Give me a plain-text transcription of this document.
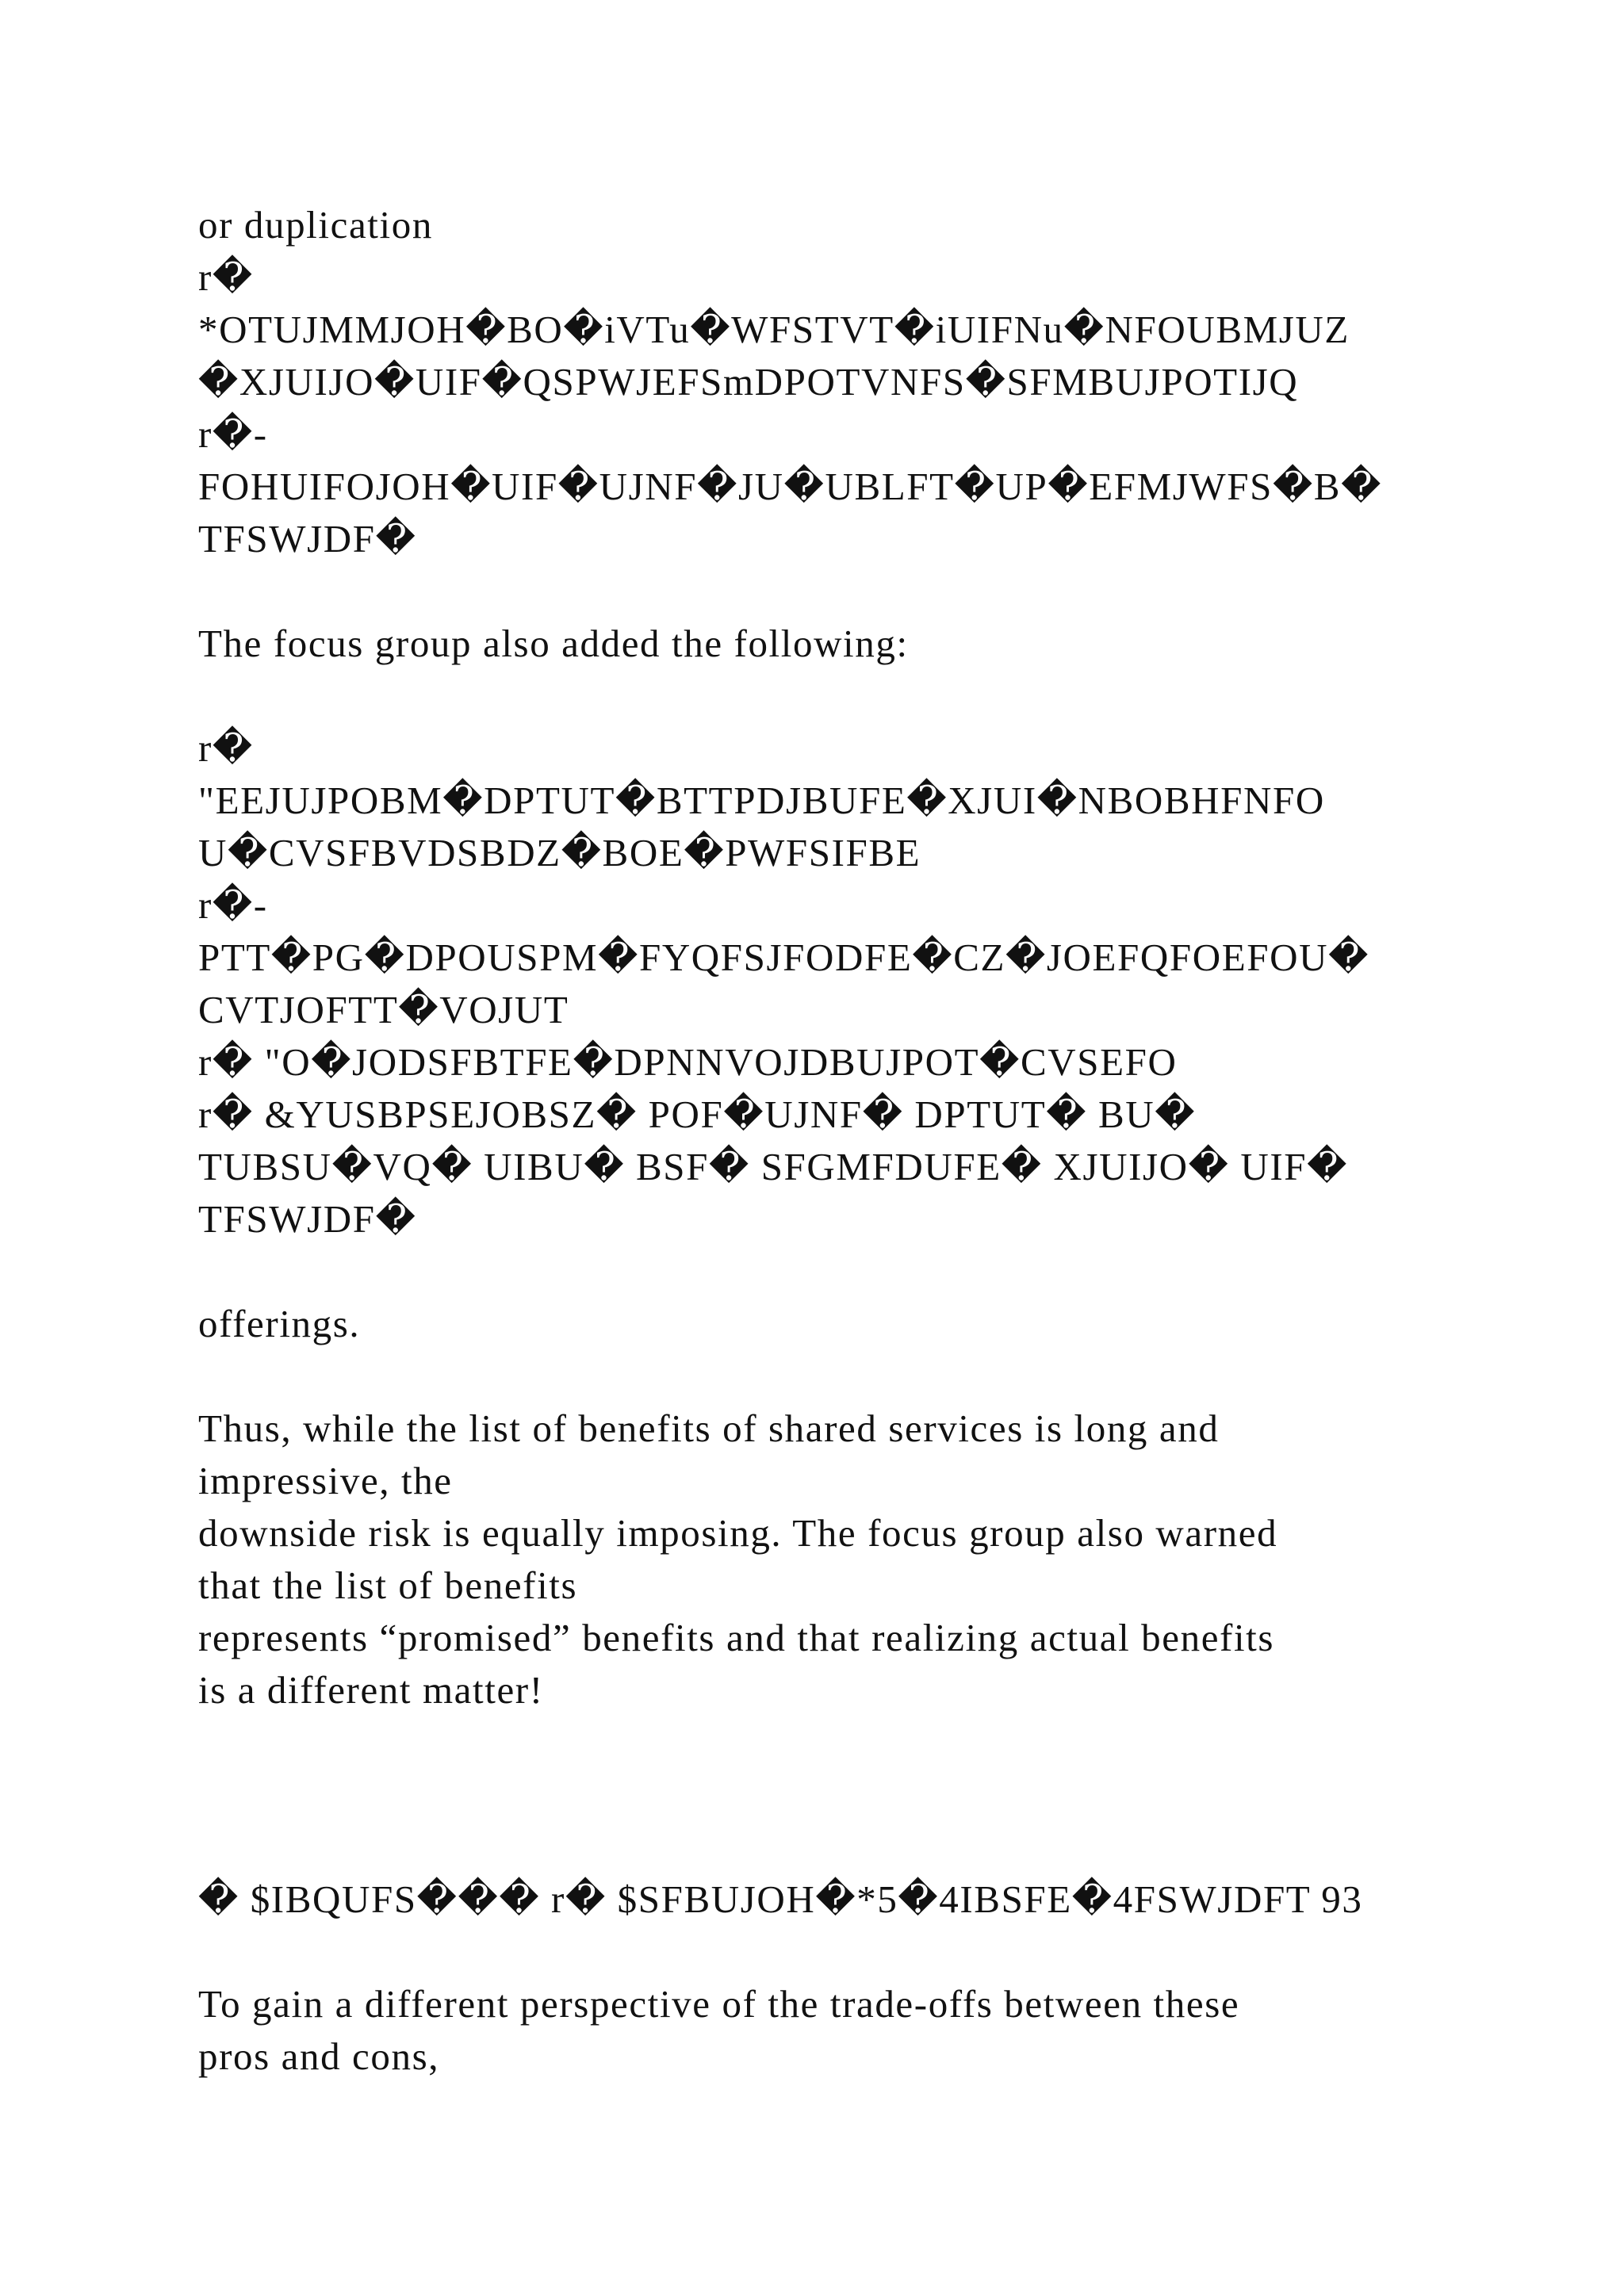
or duplication

r�

*OTUJMMJOH�BO�iVTu�WFSTVT�iUIFNu�NFOUBMJUZ

�XJUIJO�UIF�QSPWJEFSmDPOTVNFS�SFMBUJPOTIJQ

r�-

FOHUIFOJOH�UIF�UJNF�JU�UBLFT�UP�EFMJWFS�B�

TFSWJDF�

The focus group also added the following:

r�

"EEJUJPOBM�DPTUT�BTTPDJBUFE�XJUI�NBOBHFNFO

U�CVSFBVDSBDZ�BOE�PWFSIFBE

r�-

PTT�PG�DPOUSPM�FYQFSJFODFE�CZ�JOEFQFOEFOU�

CVTJOFTT�VOJUT

r� "O�JODSFBTFE�DPNNVOJDBUJPOT�CVSEFO

r� &YUSBPSEJOBSZ� POF�UJNF� DPTUT� BU�

TUBSU�VQ� UIBU� BSF� SFGMFDUFE� XJUIJO� UIF�

TFSWJDF�

offerings.

Thus, while the list of benefits of shared services is long and

impressive, the

downside risk is equally imposing. The focus group also warned

that the list of benefits

represents “promised” benefits and that realizing actual benefits

is a different matter!

� $IBQUFS��� r� $SFBUJOH�*5�4IBSFE�4FSWJDFT 93

To gain a different perspective of the trade-offs between these

pros and cons,
